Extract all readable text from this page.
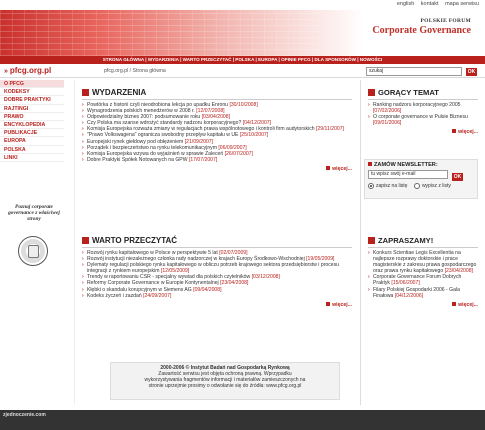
english kontakt mapa serwisu
POLSKIE FORUM
Corporate Governance
STRONA GŁÓWNA | WYDARZENIA | WARTO PRZECZYTAĆ | POLSKA | EUROPA | OPINIE PFCG | DLA SPONSORÓW | NOWOŚCI
» pfcg.org.pl	pfcg.org.pl / Strona główna	szukaj	OK
O PFCG
KODEKSY
DOBRE PRAKTYKI
RAJTINGI
PRAWO
ENCYKLOPEDIA
PUBLIKACJE
EUROPA
POLSKA
LINKI
Poznaj corporate governance z właściwej strony
WYDARZENIA
› Powtórka z historii czyli nieodrobiona lekcja po upadku Enronu [30/10/2008]
› Wynagrodzenia polskich menedżerów w 2008 r. [12/07/2008]
› Odpowiedzialny biznes 2007: podsumowanie roku [03/04/2008]
› Czy Polska ma szanse wdrożyć standardy nadzoru korporacyjnego? [04/12/2007]
› Komisja Europejska rozważa zmiany w regulacjach prawa wspólnotowego i kontroli firm audytorskich [29/11/2007]
› "Prawo Volkswagena" ogranicza swobodny przepływ kapitału w UE [25/10/2007]
› Europejski rynek giełdowy pod obłężeniem [21/09/2007]
› Porządek i bezpieczeństwo na rynku telekomunikacyjnym [06/09/2007]
› Komisja Europejska wzywa do wyjaśnień w sprawie Zaleceń [26/07/2007]
› Dobre Praktyki Spółek Notowanych na GPW [17/07/2007]
więcej...
WARTO PRZECZYTAĆ
› Rozwój rynku kapitałowego w Polsce w perspektywie 5 lat [02/07/2009]
› Rozwój instytucji niezależnego członka rady nadzorczej w krajach Europy Środkowo-Wschodniej [19/05/2009]
› Dylematy regulacji polskiego rynku kapitałowego w obliczu potrzeb krajowego sektora przedsiębiorstw i procesu integracji z rynkiem europejskim [12/05/2009]
› Trendy w raportowaniu CSR - specjalny wywiad dla polskich czytelników [03/12/2008]
› Reformy Corporate Governance w Europie Kontynentalnej [23/04/2008]
› Kłębki o skandalu korupcyjnym w Siemens AG [09/04/2008]
› Kodeks życzeń i zazdań [24/09/2007]
więcej...
2000-2006 © Instytut Badań nad Gospodarką Rynkową
Zawartość serwisu jest objęta ochroną prawną. Wprzypadku
wykorzystywania fragmentów informacji i materiałów zamieszczonych na
stronie uprzejmie prosimy o odwołanie się do źródła: www.pfcg.org.pl
GORĄCY TEMAT
› Ranking nadzoru korporacyjnego 2005 [07/02/2006]
› O corporate governance w Pulsie Biznesu [09/01/2006]
więcej...
ZAMÓW NEWSLETTER:
tu wpisz swój e-mail	OK
zapisz na listę
	wypisz z listy
ZAPRASZAMY!
› Konkurs Scientiae Legis Excellentia na najlepsze rozprawy doktorskie i prace magisterskie z zakresu prawa gospodarczego oraz prawa rynku kapitałowego [23/04/2008]
› Corporate Governance Forum Dobrych Praktyk [15/06/2007]
› Filary Polskiej Gospodarki 2006 - Gala Finałowa [04/12/2006]
więcej...
zjednoczenie.com
